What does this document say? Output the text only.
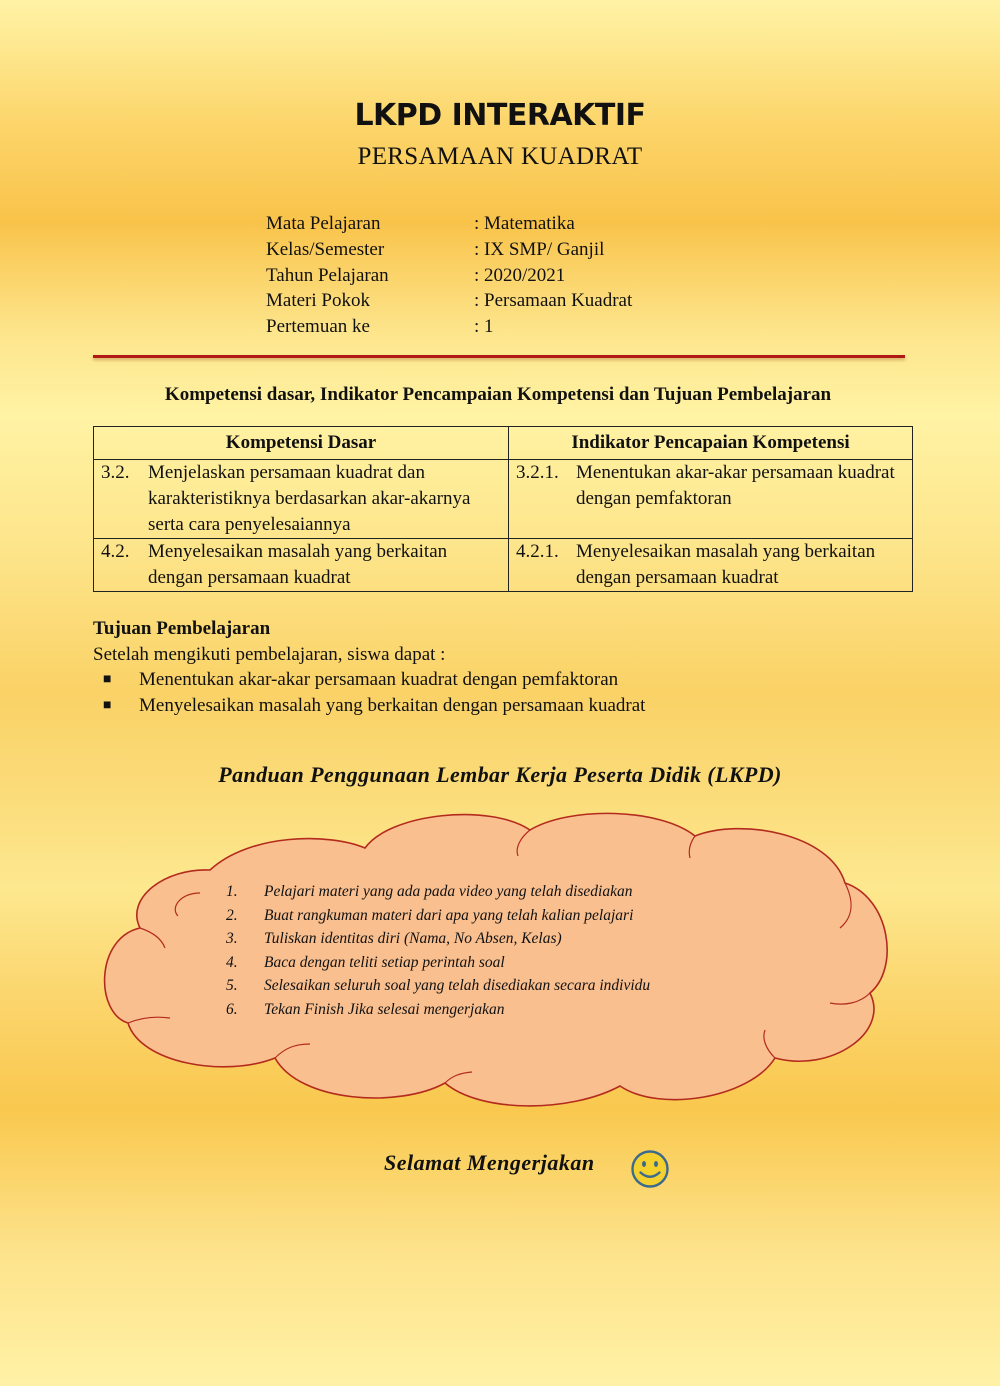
LKPD INTERAKTIF
PERSAMAAN KUADRAT
Mata Pelajaran	: Matematika
Kelas/Semester	: IX SMP/ Ganjil
Tahun Pelajaran	: 2020/2021
Materi Pokok	: Persamaan Kuadrat
Pertemuan ke	: 1
Kompetensi dasar, Indikator Pencampaian Kompetensi dan Tujuan Pembelajaran
Kompetensi Dasar	Indikator Pencapaian Kompetensi

3.2. Menjelaskan persamaan kuadrat dan karakteristiknya berdasarkan akar-akarnya serta cara penyelesaiannya	3.2.1. Menentukan akar-akar persamaan kuadrat dengan pemfaktoran

4.2. Menyelesaikan masalah yang berkaitan dengan persamaan kuadrat	4.2.1. Menyelesaikan masalah yang berkaitan dengan persamaan kuadrat
Tujuan Pembelajaran
Setelah mengikuti pembelajaran, siswa dapat :
■	Menentukan akar-akar persamaan kuadrat dengan pemfaktoran
■	Menyelesaikan masalah yang berkaitan dengan persamaan kuadrat
Panduan Penggunaan Lembar Kerja Peserta Didik (LKPD)
1.	Pelajari materi yang ada pada video yang telah disediakan
2.	Buat rangkuman materi dari apa yang telah kalian pelajari
3.	Tuliskan identitas diri (Nama, No Absen, Kelas)
4.	Baca dengan teliti setiap perintah soal
5.	Selesaikan seluruh soal yang telah disediakan secara individu
6.	Tekan Finish Jika selesai mengerjakan
Selamat Mengerjakan
